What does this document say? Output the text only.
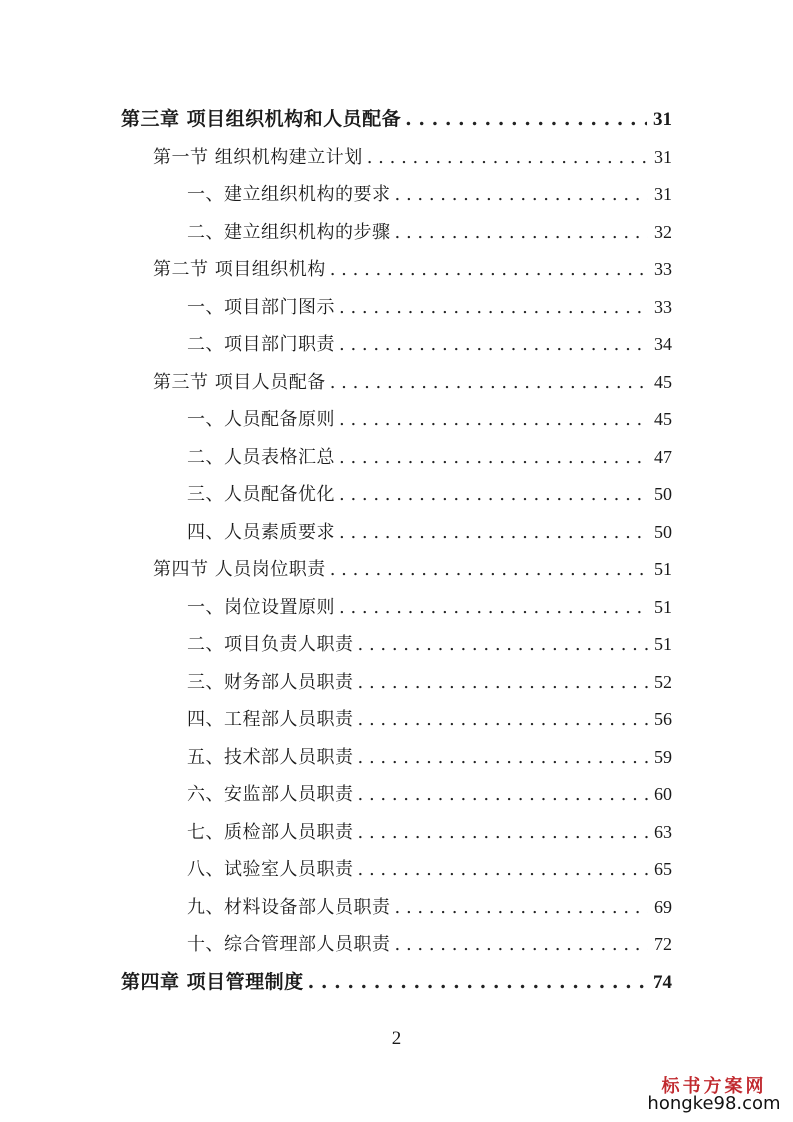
第三章 项目组织机构和人员配备 . . .	31
第一节 组织机构建立计划 . . .	31
一、建立组织机构的要求 . . .	31
二、建立组织机构的步骤 . . .	32
第二节 项目组织机构 . . .	33
一、项目部门图示 . . .	33
二、项目部门职责 . . .	34
第三节 项目人员配备 . . .	45
一、人员配备原则 . . .	45
二、人员表格汇总 . . .	47
三、人员配备优化 . . .	50
四、人员素质要求 . . .	50
第四节 人员岗位职责 . . .	51
一、岗位设置原则 . . .	51
二、项目负责人职责 . . .	51
三、财务部人员职责 . . .	52
四、工程部人员职责 . . .	56
五、技术部人员职责 . . .	59
六、安监部人员职责 . . .	60
七、质检部人员职责 . . .	63
八、试验室人员职责 . . .	65
九、材料设备部人员职责 . . .	69
十、综合管理部人员职责 . . .	72
第四章 项目管理制度 . . .	74
2
标书方案网
hongke98.com
